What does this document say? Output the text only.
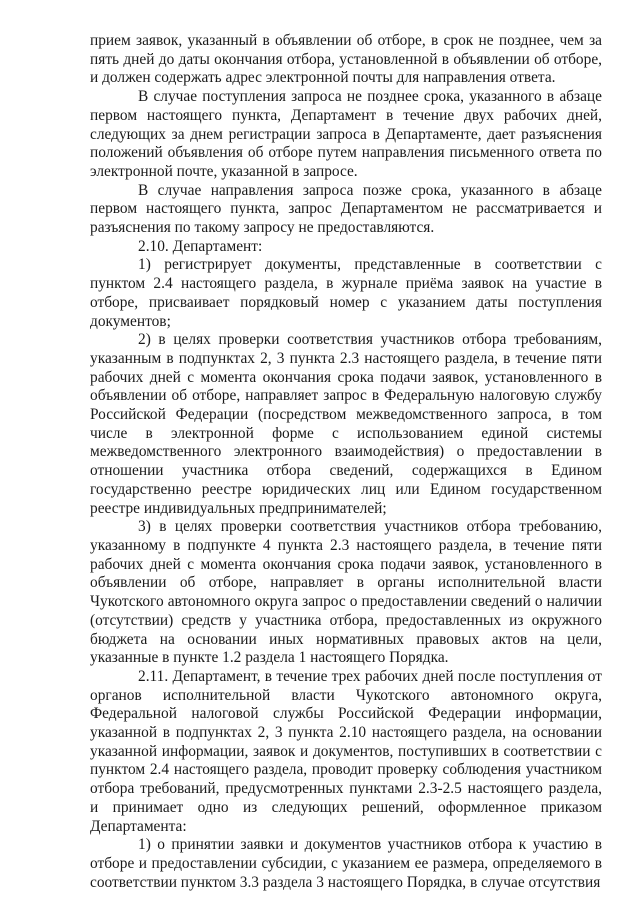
прием заявок, указанный в объявлении об отборе, в срок не позднее, чем за пять дней до даты окончания отбора, установленной в объявлении об отборе, и должен содержать адрес электронной почты для направления ответа.

В случае поступления запроса не позднее срока, указанного в абзаце первом настоящего пункта, Департамент в течение двух рабочих дней, следующих за днем регистрации запроса в Департаменте, дает разъяснения положений объявления об отборе путем направления письменного ответа по электронной почте, указанной в запросе.

В случае направления запроса позже срока, указанного в абзаце первом настоящего пункта, запрос Департаментом не рассматривается и разъяснения по такому запросу не предоставляются.

2.10. Департамент:

1) регистрирует документы, представленные в соответствии с пунктом 2.4 настоящего раздела, в журнале приёма заявок на участие в отборе, присваивает порядковый номер с указанием даты поступления документов;

2) в целях проверки соответствия участников отбора требованиям, указанным в подпунктах 2, 3 пункта 2.3 настоящего раздела, в течение пяти рабочих дней с момента окончания срока подачи заявок, установленного в объявлении об отборе, направляет запрос в Федеральную налоговую службу Российской Федерации (посредством межведомственного запроса, в том числе в электронной форме с использованием единой системы межведомственного электронного взаимодействия) о предоставлении в отношении участника отбора сведений, содержащихся в Едином государственно реестре юридических лиц или Едином государственном реестре индивидуальных предпринимателей;

3) в целях проверки соответствия участников отбора требованию, указанному в подпункте 4 пункта 2.3 настоящего раздела, в течение пяти рабочих дней с момента окончания срока подачи заявок, установленного в объявлении об отборе, направляет в органы исполнительной власти Чукотского автономного округа запрос о предоставлении сведений о наличии (отсутствии) средств у участника отбора, предоставленных из окружного бюджета на основании иных нормативных правовых актов на цели, указанные в пункте 1.2 раздела 1 настоящего Порядка.

2.11. Департамент, в течение трех рабочих дней после поступления от органов исполнительной власти Чукотского автономного округа, Федеральной налоговой службы Российской Федерации информации, указанной в подпунктах 2, 3 пункта 2.10 настоящего раздела, на основании указанной информации, заявок и документов, поступивших в соответствии с пунктом 2.4 настоящего раздела, проводит проверку соблюдения участником отбора требований, предусмотренных пунктами 2.3-2.5 настоящего раздела, и принимает одно из следующих решений, оформленное приказом Департамента:

1) о принятии заявки и документов участников отбора к участию в отборе и предоставлении субсидии, с указанием ее размера, определяемого в соответствии пунктом 3.3 раздела 3 настоящего Порядка, в случае отсутствия
